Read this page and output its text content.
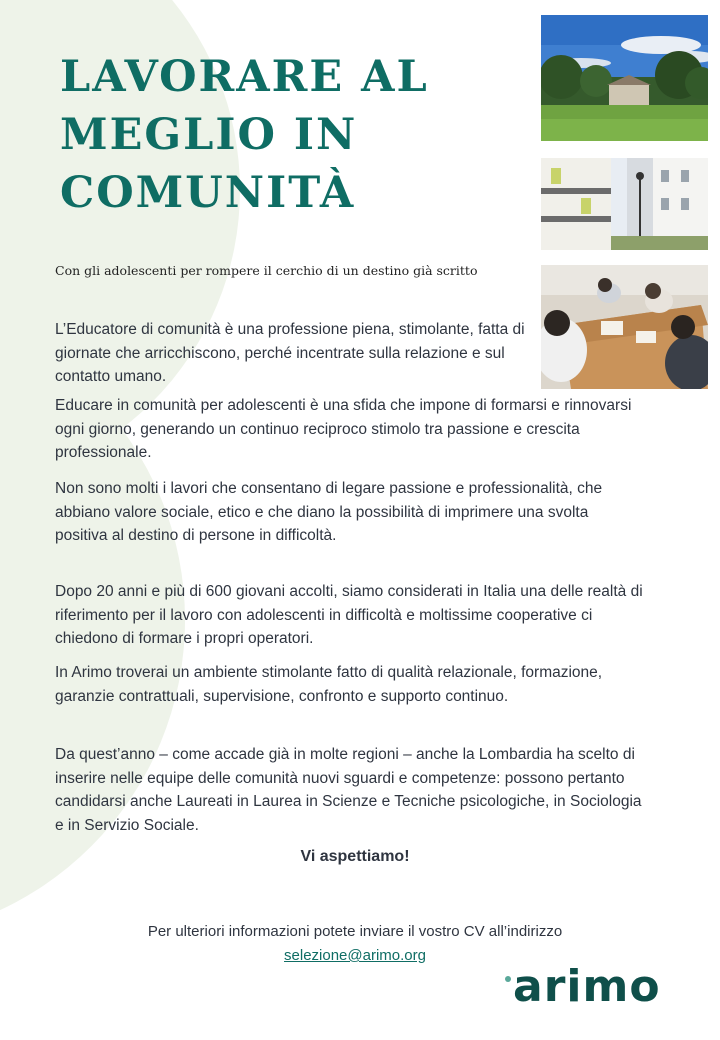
LAVORARE AL
MEGLIO IN
COMUNITÀ

Con gli adolescenti per rompere il cerchio di un destino già scritto

L’Educatore di comunità è una professione piena, stimolante, fatta di giornate che arricchiscono, perché incentrate sulla relazione e sul contatto umano.

Educare in comunità per adolescenti è una sfida che impone di formarsi e rinnovarsi ogni giorno, generando un continuo reciproco stimolo tra passione e crescita professionale.

Non sono molti i lavori che consentano di legare passione e professionalità, che abbiano valore sociale, etico e che diano la possibilità di imprimere una svolta positiva al destino di persone in difficoltà.

Dopo 20 anni e più di 600 giovani accolti, siamo considerati in Italia una delle realtà di riferimento per il lavoro con adolescenti in difficoltà e moltissime cooperative ci chiedono di formare i propri operatori.

In Arimo troverai un ambiente stimolante fatto di qualità relazionale, formazione, garanzie contrattuali, supervisione, confronto e supporto continuo.

Da quest’anno – come accade già in molte regioni – anche la Lombardia ha scelto di inserire nelle equipe delle comunità nuovi sguardi e competenze: possono pertanto candidarsi anche Laureati in Laurea in Scienze e Tecniche psicologiche, in Sociologia e in Servizio Sociale.

Vi aspettiamo!

Per ulteriori informazioni potete inviare il vostro CV all’indirizzo
selezione@arimo.org

arimo
